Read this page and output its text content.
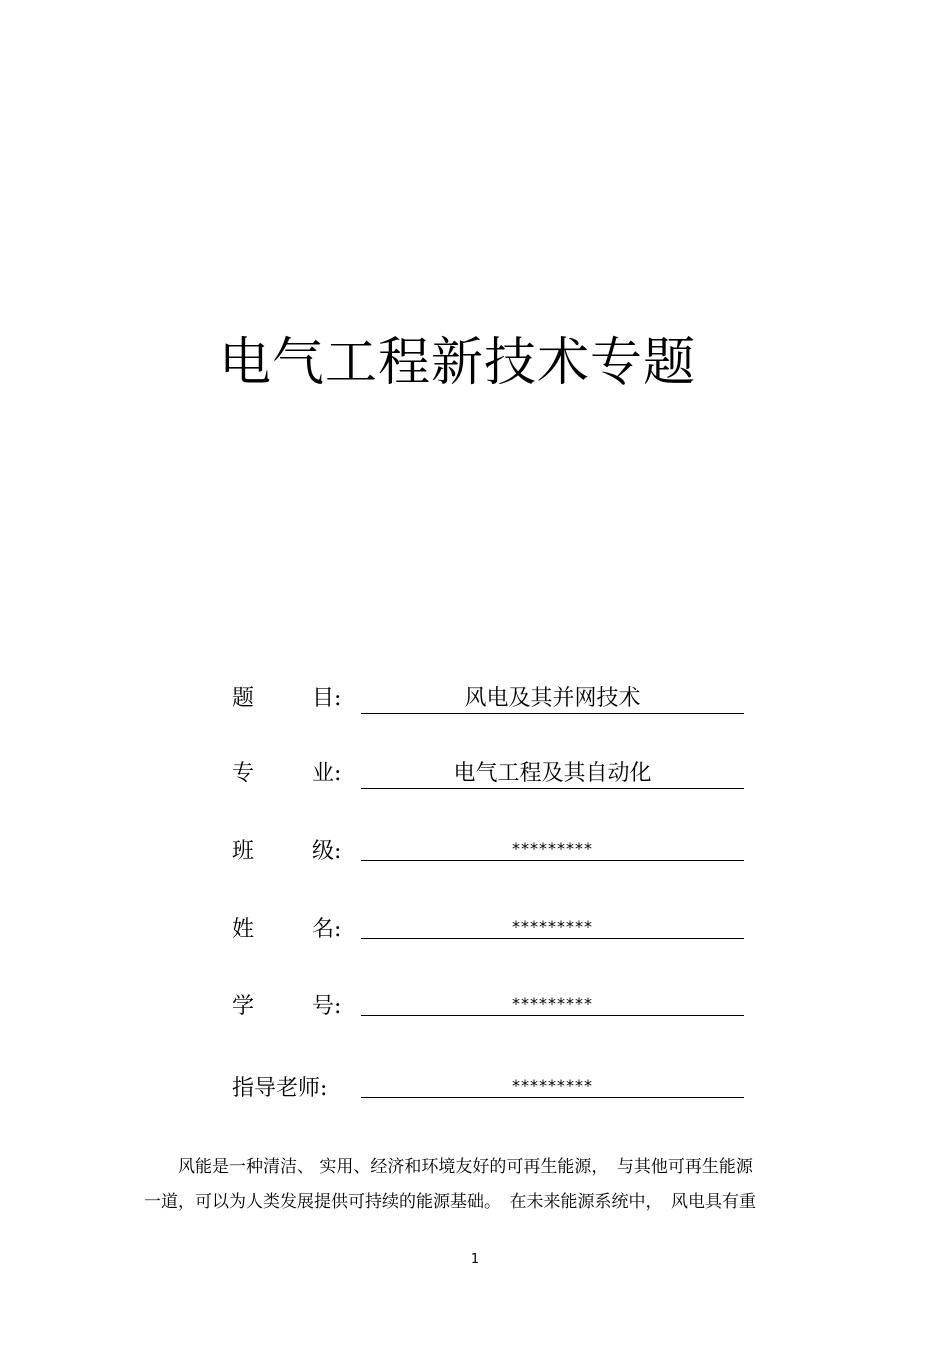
电气工程新技术专题
题	目 :	风电及其并网技术
专	业 :	电气工程及其自动化
班	级 :	*********
姓	名 :	*********
学	号 :	*********
指导老师:	*********
风能是一种清洁、 实用、经济和环境友好的可再生能源，　与其他可再生能源
一道，可以为人类发展提供可持续的能源基础。　在未来能源系统中，　风电具有重
1
